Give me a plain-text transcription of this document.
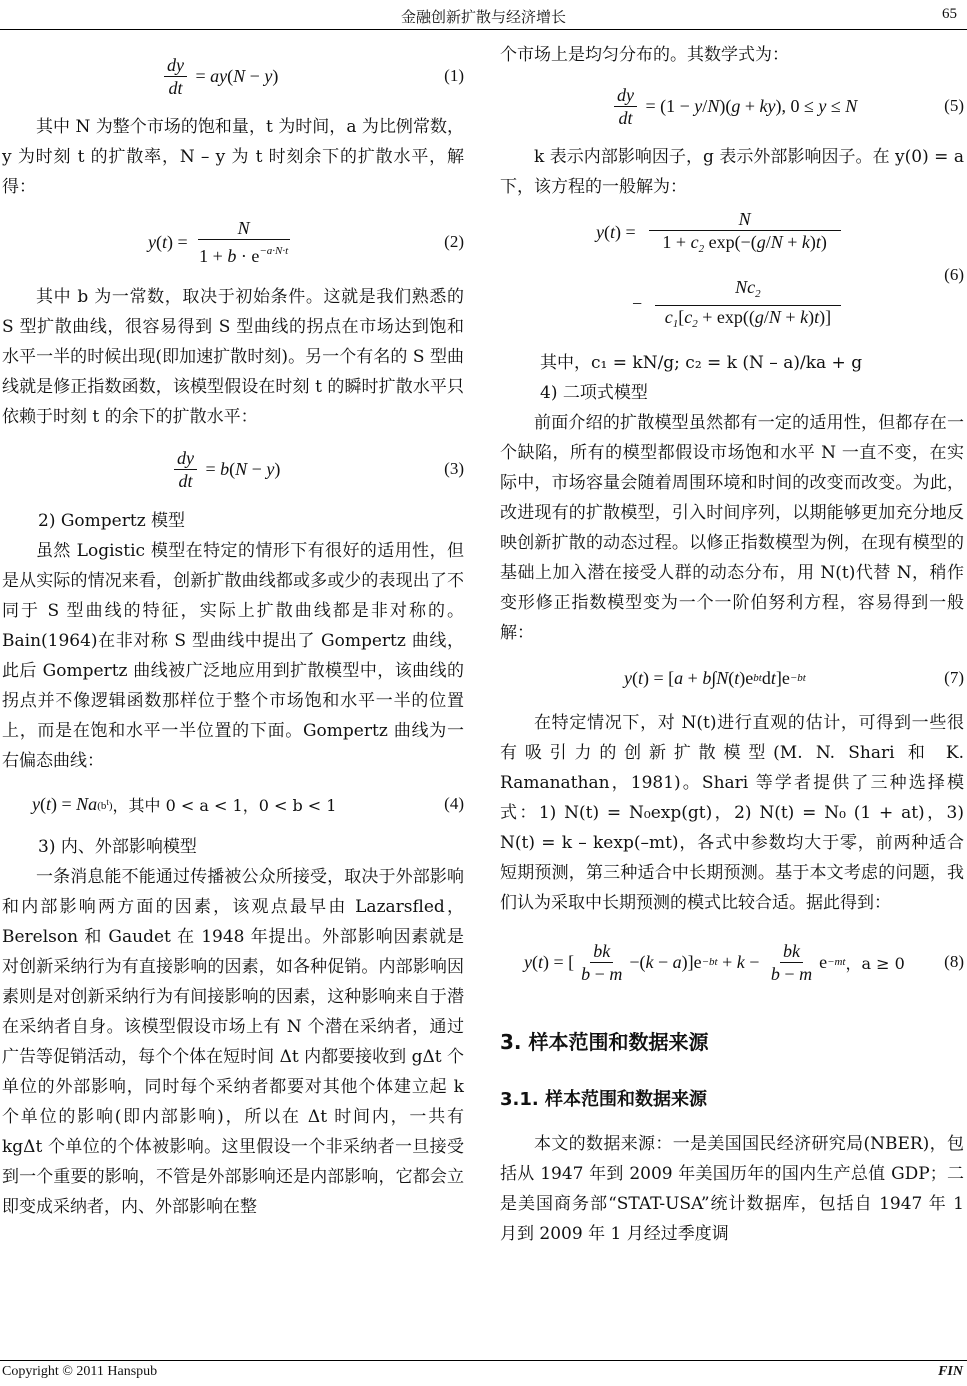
金融创新扩散与经济增长	65
$\frac{dy}{dt}$ = ay ( N − y )	(1)

其中 N 为整个市场的饱和量，t 为时间，a 为比例常数，y 为时刻 t 的扩散率，N – y 为 t 时刻余下的扩散水平，解得：

y ( t ) = $\frac{N}{1 + b \cdot e^{-a\cdot N\cdot t}}$	(2)

其中 b 为一常数，取决于初始条件。这就是我们熟悉的 S 型扩散曲线，很容易得到 S 型曲线的拐点在市场达到饱和水平一半的时候出现(即加速扩散时刻)。另一个有名的 S 型曲线就是修正指数函数，该模型假设在时刻 t 的瞬时扩散水平只依赖于时刻 t 的余下的扩散水平：

$\frac{dy}{dt} = b$ ( N − y )	(3)

2) Gompertz 模型

虽然 Logistic 模型在特定的情形下有很好的适用性，但是从实际的情况来看，创新扩散曲线都或多或少的表现出了不同于 S 型曲线的特征，实际上扩散曲线都是非对称的。Bain(1964)在非对称 S 型曲线中提出了 Gompertz 曲线，此后 Gompertz 曲线被广泛地应用到扩散模型中，该曲线的拐点并不像逻辑函数那样位于整个市场饱和水平一半的位置上，而是在饱和水平一半位置的下面。Gompertz 曲线为一右偏态曲线：

y ( t ) = Na $(b^t)$ ，其中 0 < a < 1，0 < b < 1	(4)

3) 内、外部影响模型

一条消息能不能通过传播被公众所接受，取决于外部影响和内部影响两方面的因素，该观点最早由 Lazarsfled，Berelson 和 Gaudet 在 1948 年提出。外部影响因素就是对创新采纳行为有直接影响的因素，如各种促销。内部影响因素则是对创新采纳行为有间接影响的因素，这种影响来自于潜在采纳者自身。该模型假设市场上有 N 个潜在采纳者，通过广告等促销活动，每个个体在短时间 Δt 内都要接收到 gΔt 个单位的外部影响，同时每个采纳者都要对其他个体建立起 k 个单位的影响(即内部影响)，所以在 Δt 时间内，一共有 kgΔt 个单位的个体被影响。这里假设一个非采纳者一旦接受到一个重要的影响，不管是外部影响还是内部影响，它都会立即变成采纳者，内、外部影响在整

个市场上是均匀分布的。其数学式为：

$\frac{dy}{dt} = (1 - y / N$ )( g + ky ), 0 ≤ y ≤ N	(5)

k 表示内部影响因子，g 表示外部影响因子。在 y(0) = a 下，该方程的一般解为：

$y(t) = \frac{N}{1 + c_2 \exp(-(g/N + k)t)}$
− $\frac{Nc_2}{c_1[c_2 + \exp((g/N + k)t)]}$
(6)

其中，c₁ = kN/g; c₂ = k (N – a)/ka + g

4) 二项式模型

前面介绍的扩散模型虽然都有一定的适用性，但都存在一个缺陷，所有的模型都假设市场饱和水平 N 一直不变，在实际中，市场容量会随着周围环境和时间的改变而改变。为此，改进现有的扩散模型，引入时间序列，以期能够更加充分地反映创新扩散的动态过程。以修正指数模型为例，在现有模型的基础上加入潜在接受人群的动态分布，用 N(t)代替 N，稍作变形修正指数模型变为一个一阶伯努利方程，容易得到一般解：

y ( t ) = [ a + b ∫ N ( t )e bt d t ]e −bt	(7)

在特定情况下，对 N(t)进行直观的估计，可得到一些很有吸引力的创新扩散模型(M. N. Shari 和 K. Ramanathan，1981)。Shari 等学者提供了三种选择模式：1) N(t) = N₀exp(gt)，2) N(t) = N₀ (1 + at)，3) N(t) = k – kexp(–mt)，各式中参数均大于零，前两种适合短期预测，第三种适合中长期预测。基于本文考虑的问题，我们认为采取中长期预测的模式比较合适。据此得到：

y ( t ) = [ $\frac{bk}{b - m}$ −( k − a )]$e -bt + k - \frac{bk}{b - m}$ e −mt ，a ≥ 0 (8)

3. 样本范围和数据来源

3.1. 样本范围和数据来源

本文的数据来源：一是美国国民经济研究局(NBER)，包括从 1947 年到 2009 年美国历年的国内生产总值 GDP；二是美国商务部“STAT-USA”统计数据库，包括自 1947 年 1 月到 2009 年 1 月经过季度调

Copyright © 2011 Hanspub	FIN
